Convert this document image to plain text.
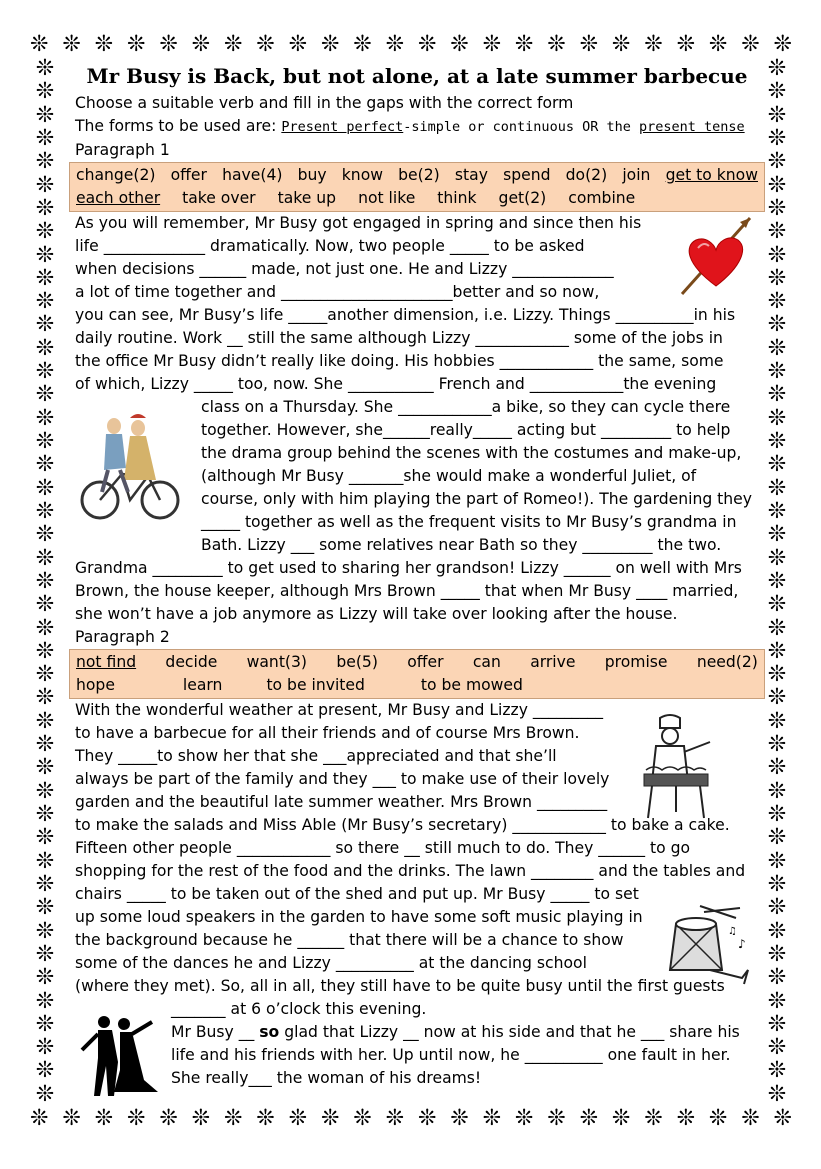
❊ ❊ ❊ ❊ ❊ ❊ ❊ ❊ ❊ ❊ ❊ ❊ ❊ ❊ ❊ ❊ ❊ ❊ ❊ ❊ ❊ ❊ ❊ ❊
❊ ❊ ❊ ❊ ❊ ❊ ❊ ❊ ❊ ❊ ❊ ❊ ❊ ❊ ❊ ❊ ❊ ❊ ❊ ❊ ❊ ❊ ❊ ❊
❊
❊
❊
❊
❊
❊
❊
❊
❊
❊
❊
❊
❊
❊
❊
❊
❊
❊
❊
❊
❊
❊
❊
❊
❊
❊
❊
❊
❊
❊
❊
❊
❊
❊
❊
❊
❊
❊
❊
❊
❊
❊
❊
❊
❊
❊
❊
❊
❊
❊
❊
❊
❊
❊
❊
❊
❊
❊
❊
❊
❊
❊
❊
❊
❊
❊
❊
❊
❊
❊
❊
❊
❊
❊
❊
❊
❊
❊
❊
❊
❊
❊
❊
❊
❊
❊
❊
❊
❊
❊
♪
♫
Mr Busy is Back, but not alone, at a late summer barbecue

Choose a suitable verb and fill in the gaps with the correct form

The forms to be used are: Present perfect-simple or continuous OR the present tense

Paragraph 1

change(2) offer have(4) buy know be(2) stay spend do(2) join get to know
each other take over take up not like think get(2) combine

As you will remember, Mr Busy got engaged in spring and since then his

life _____________ dramatically. Now, two people _____ to be asked

when decisions ______ made, not just one. He and Lizzy _____________

a lot of time together and ______________________better and so now,

you can see, Mr Busy’s life _____another dimension, i.e. Lizzy. Things __________in his

daily routine. Work __ still the same although Lizzy ____________ some of the jobs in

the office Mr Busy didn’t really like doing. His hobbies ____________ the same, some

of which, Lizzy _____ too, now. She ___________ French and ____________the evening

class on a Thursday. She ____________a bike, so they can cycle there

together. However, she______really_____ acting but _________ to help

the drama group behind the scenes with the costumes and make-up,

(although Mr Busy _______she would make a wonderful Juliet, of

course, only with him playing the part of Romeo!). The gardening they

_____ together as well as the frequent visits to Mr Busy’s grandma in

Bath. Lizzy ___ some relatives near Bath so they _________ the two.

Grandma _________ to get used to sharing her grandson! Lizzy ______ on well with Mrs

Brown, the house keeper, although Mrs Brown _____ that when Mr Busy ____ married,

she won’t have a job anymore as Lizzy will take over looking after the house.

Paragraph 2

not find decide want(3) be(5) offer can arrive promise need(2)
hope	learn	to be invited	to be mowed

With the wonderful weather at present, Mr Busy and Lizzy _________

to have a barbecue for all their friends and of course Mrs Brown.

They _____to show her that she ___appreciated and that she’ll

always be part of the family and they ___ to make use of their lovely

garden and the beautiful late summer weather. Mrs Brown _________

to make the salads and Miss Able (Mr Busy’s secretary) ____________ to bake a cake.

Fifteen other people ____________ so there __ still much to do. They ______ to go

shopping for the rest of the food and the drinks. The lawn ________ and the tables and

chairs _____ to be taken out of the shed and put up. Mr Busy _____ to set

up some loud speakers in the garden to have some soft music playing in

the background because he ______ that there will be a chance to show

some of the dances he and Lizzy __________ at the dancing school

(where they met). So, all in all, they still have to be quite busy until the first guests

_______ at 6 o’clock this evening.

Mr Busy __ so glad that Lizzy __ now at his side and that he ___ share his

life and his friends with her. Up until now, he __________ one fault in her.

She really___ the woman of his dreams!
